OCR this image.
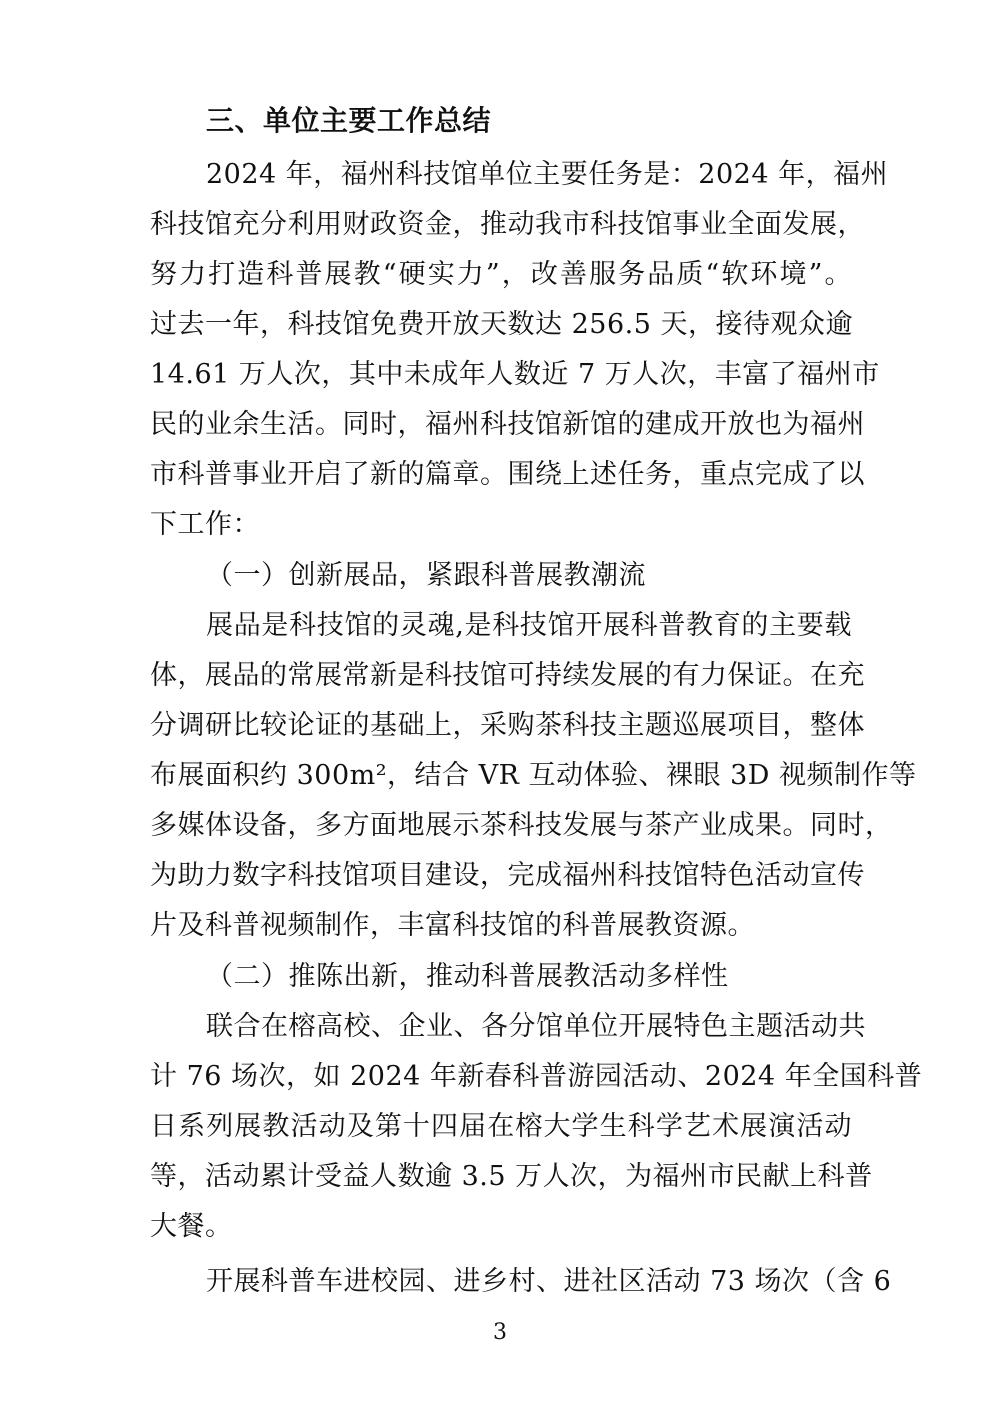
三、单位主要工作总结
2024 年，福州科技馆单位主要任务是：2024 年，福州
科技馆充分利用财政资金，推动我市科技馆事业全面发展，
努力打造科普展教“硬实力”，改善服务品质“软环境”。
过去一年，科技馆免费开放天数达 256.5 天，接待观众逾
14.61 万人次，其中未成年人数近 7 万人次，丰富了福州市
民的业余生活。同时，福州科技馆新馆的建成开放也为福州
市科普事业开启了新的篇章。围绕上述任务，重点完成了以
下工作：
（一）创新展品，紧跟科普展教潮流
展品是科技馆的灵魂,是科技馆开展科普教育的主要载
体，展品的常展常新是科技馆可持续发展的有力保证。在充
分调研比较论证的基础上，采购茶科技主题巡展项目，整体
布展面积约 300m²，结合 VR 互动体验、裸眼 3D 视频制作等
多媒体设备，多方面地展示茶科技发展与茶产业成果。同时，
为助力数字科技馆项目建设，完成福州科技馆特色活动宣传
片及科普视频制作，丰富科技馆的科普展教资源。
（二）推陈出新，推动科普展教活动多样性
联合在榕高校、企业、各分馆单位开展特色主题活动共
计 76 场次，如 2024 年新春科普游园活动、2024 年全国科普
日系列展教活动及第十四届在榕大学生科学艺术展演活动
等，活动累计受益人数逾 3.5 万人次，为福州市民献上科普
大餐。
开展科普车进校园、进乡村、进社区活动 73 场次（含 6
3
